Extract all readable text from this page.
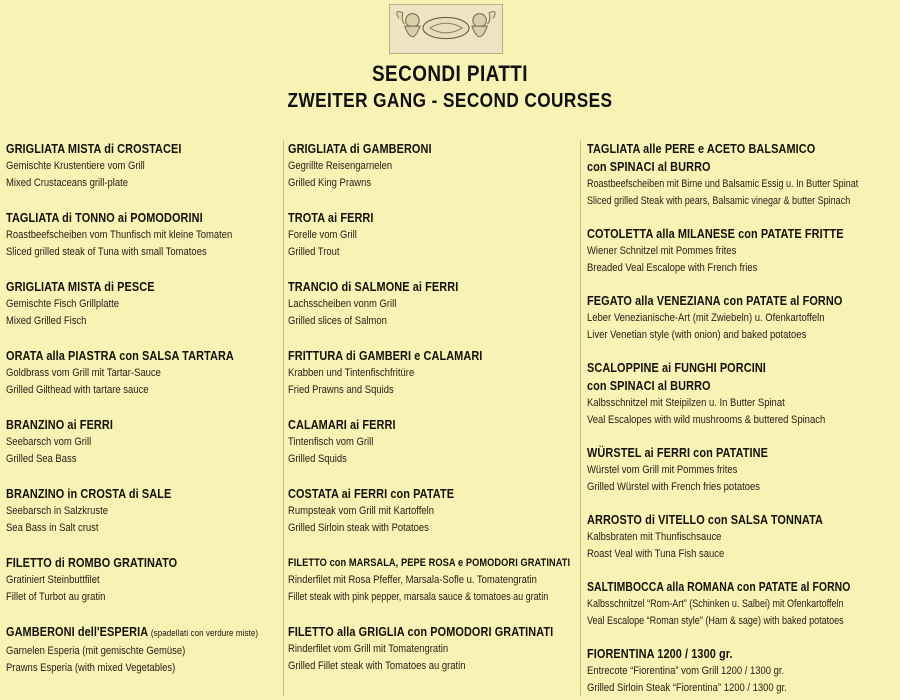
SECONDI PIATTI
ZWEITER GANG - SECOND COURSES
GRIGLIATA MISTA di CROSTACEI
Gemischte Krustentiere vom Grill
Mixed Crustaceans grill-plate
TAGLIATA di TONNO ai POMODORINI
Roastbeefscheiben vom Thunfisch mit kleine Tomaten
Sliced grilled steak of Tuna with small Tomatoes
GRIGLIATA MISTA di PESCE
Gemischte Fisch Grillplatte
Mixed Grilled Fisch
ORATA alla PIASTRA con SALSA TARTARA
Goldbrass vom Grill mit Tartar-Sauce
Grilled Gilthead with tartare sauce
BRANZINO ai FERRI
Seebarsch vom Grill
Grilled Sea Bass
BRANZINO in CROSTA di SALE
Seebarsch in Salzkruste
Sea Bass in Salt crust
FILETTO di ROMBO GRATINATO
Gratiniert Steinbuttfilet
Fillet of Turbot au gratin
GAMBERONI dell'ESPERIA (spadellati con verdure miste)
Garnelen Esperia (mit gemischte Gemüse)
Prawns Esperia (with mixed Vegetables)
GRIGLIATA di GAMBERONI
Gegrillte Reisengarnelen
Grilled King Prawns
TROTA ai FERRI
Forelle vom Grill
Grilled Trout
TRANCIO di SALMONE ai FERRI
Lachsscheiben vonm Grill
Grilled slices of Salmon
FRITTURA di GAMBERI e CALAMARI
Krabben und Tintenfischfritüre
Fried Prawns and Squids
CALAMARI ai FERRI
Tintenfisch vom Grill
Grilled Squids
COSTATA ai FERRI con PATATE
Rumpsteak vom Grill mit Kartoffeln
Grilled Sirloin steak with Potatoes
FILETTO con MARSALA, PEPE ROSA e POMODORI GRATINATI
Rinderfilet mit Rosa Pfeffer, Marsala-Sofle u. Tomatengratin
Fillet steak with pink pepper, marsala sauce & tomatoes au gratin
FILETTO alla GRIGLIA con POMODORI GRATINATI
Rinderfilet vom Grill mit Tomatengratin
Grilled Fillet steak with Tomatoes au gratin
TAGLIATA alle PERE e ACETO BALSAMICO
con SPINACI al BURRO
Roastbeefscheiben mit Birne und Balsamic Essig u. In Butter Spinat
Sliced grilled Steak with pears, Balsamic vinegar & butter Spinach
COTOLETTA alla MILANESE con PATATE FRITTE
Wiener Schnitzel mit Pommes frites
Breaded Veal Escalope with French fries
FEGATO alla VENEZIANA con PATATE al FORNO
Leber Venezianische-Art (mit Zwiebeln) u. Ofenkartoffeln
Liver Venetian style (with onion) and baked potatoes
SCALOPPINE ai FUNGHI PORCINI
con SPINACI al BURRO
Kalbsschnitzel mit Steipilzen u. In Butter Spinat
Veal Escalopes with wild mushrooms & buttered Spinach
WÜRSTEL ai FERRI con PATATINE
Würstel vom Grill mit Pommes frites
Grilled Würstel with French fries potatoes
ARROSTO di VITELLO con SALSA TONNATA
Kalbsbraten mit Thunfischsauce
Roast Veal with Tuna Fish sauce
SALTIMBOCCA alla ROMANA con PATATE al FORNO
Kalbsschnitzel “Rom-Art” (Schinken u. Salbei) mit Ofenkartoffeln
Veal Escalope “Roman style” (Ham & sage) with baked potatoes
FIORENTINA 1200 / 1300 gr.
Entrecote “Fiorentina” vom Grill 1200 / 1300 gr.
Grilled Sirloin Steak “Fiorentina” 1200 / 1300 gr.
